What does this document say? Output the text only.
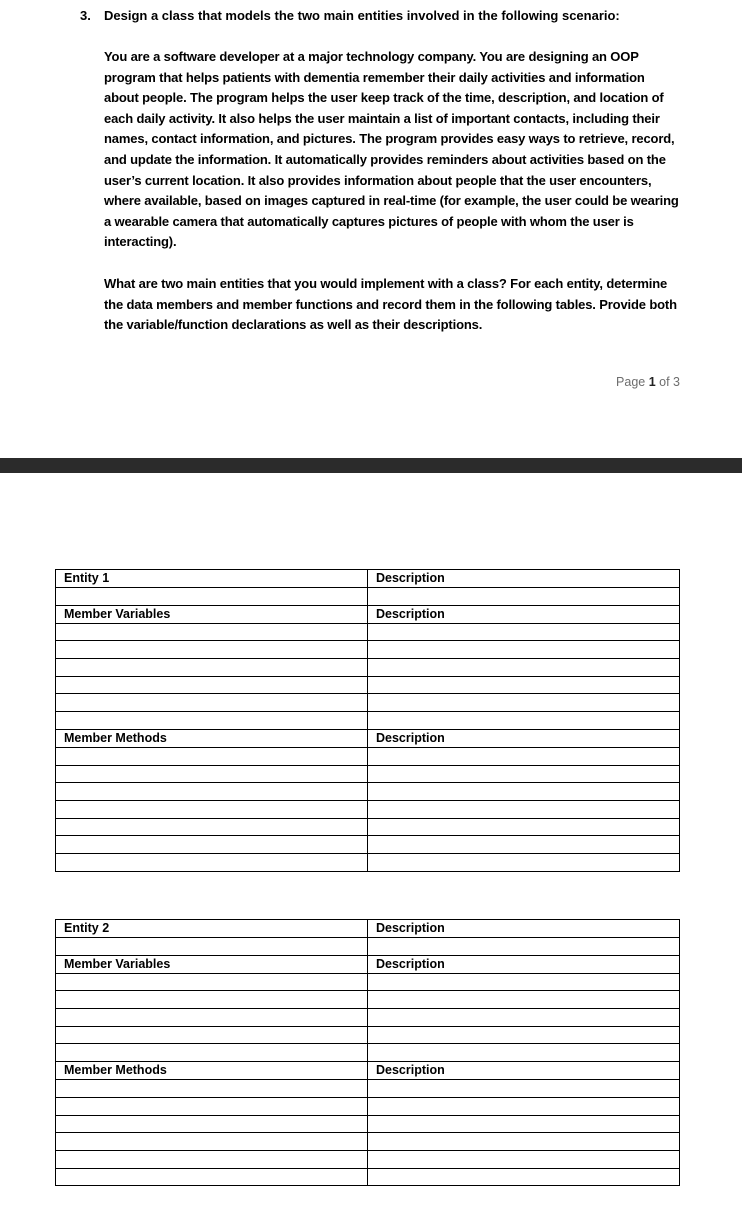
3.	Design a class that models the two main entities involved in the following scenario:
You are a software developer at a major technology company. You are designing an OOP program that helps patients with dementia remember their daily activities and information about people. The program helps the user keep track of the time, description, and location of each daily activity. It also helps the user maintain a list of important contacts, including their names, contact information, and pictures. The program provides easy ways to retrieve, record, and update the information. It automatically provides reminders about activities based on the user’s current location. It also provides information about people that the user encounters, where available, based on images captured in real-time (for example, the user could be wearing a wearable camera that automatically captures pictures of people with whom the user is interacting).
What are two main entities that you would implement with a class? For each entity, determine the data members and member functions and record them in the following tables. Provide both the variable/function declarations as well as their descriptions.
Page 1 of 3
Entity 1	Description

Member Variables	Description

Member Methods	Description

Entity 2	Description

Member Variables	Description

Member Methods	Description
